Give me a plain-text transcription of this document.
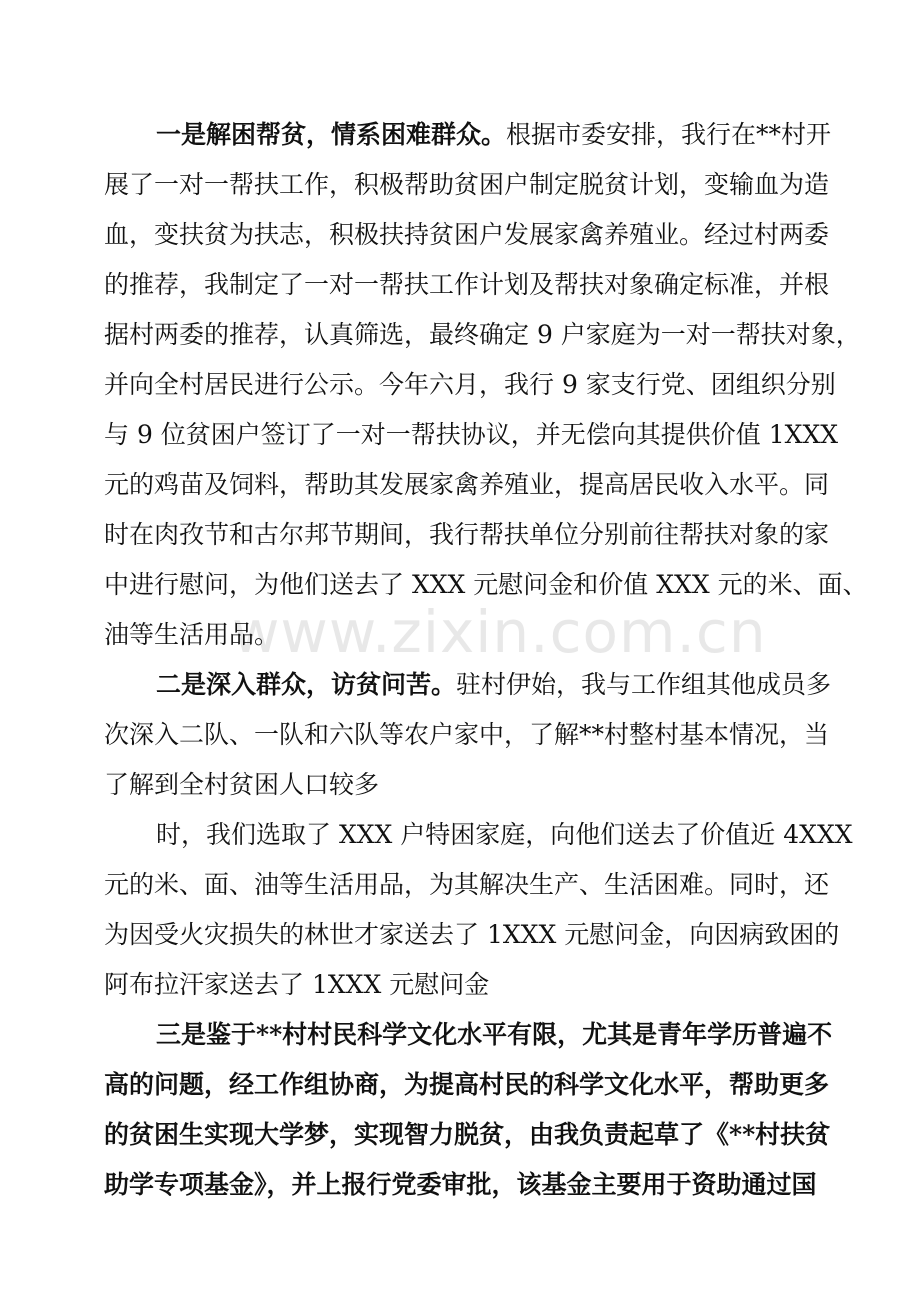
www.zixin.com.cn
一是解困帮贫，情系困难群众。根据市委安排，我行在**村开
展了一对一帮扶工作，积极帮助贫困户制定脱贫计划，变输血为造
血，变扶贫为扶志，积极扶持贫困户发展家禽养殖业。经过村两委
的推荐，我制定了一对一帮扶工作计划及帮扶对象确定标准，并根
据村两委的推荐，认真筛选，最终确定 9 户家庭为一对一帮扶对象，
并向全村居民进行公示。今年六月，我行 9 家支行党、团组织分别
与 9 位贫困户签订了一对一帮扶协议，并无偿向其提供价值 1XXX
元的鸡苗及饲料，帮助其发展家禽养殖业，提高居民收入水平。同
时在肉孜节和古尔邦节期间，我行帮扶单位分别前往帮扶对象的家
中进行慰问，为他们送去了 XXX 元慰问金和价值 XXX 元的米、面、
油等生活用品。
二是深入群众，访贫问苦。驻村伊始，我与工作组其他成员多
次深入二队、一队和六队等农户家中，了解**村整村基本情况，当
了解到全村贫困人口较多
时，我们选取了 XXX 户特困家庭，向他们送去了价值近 4XXX
元的米、面、油等生活用品，为其解决生产、生活困难。同时，还
为因受火灾损失的林世才家送去了 1XXX 元慰问金，向因病致困的
阿布拉汗家送去了 1XXX 元慰问金
三是鉴于**村村民科学文化水平有限，尤其是青年学历普遍不
高的问题，经工作组协商，为提高村民的科学文化水平，帮助更多
的贫困生实现大学梦，实现智力脱贫，由我负责起草了《**村扶贫
助学专项基金》，并上报行党委审批，该基金主要用于资助通过国
